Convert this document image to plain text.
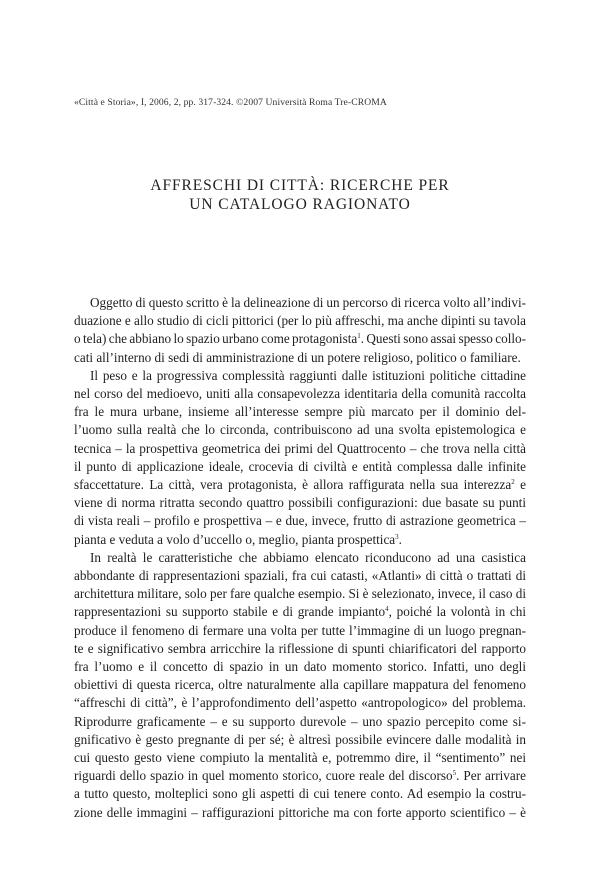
«Città e Storia», I, 2006, 2, pp. 317-324. ©2007 Università Roma Tre-CROMA
AFFRESCHI DI CITTÀ: RICERCHE PER
UN CATALOGO RAGIONATO

Oggetto di questo scritto è la delineazione di un percorso di ricerca volto all’indivi-
duazione e allo studio di cicli pittorici (per lo più affreschi, ma anche dipinti su tavola
o tela) che abbiano lo spazio urbano come protagonista$^1$. Questi sono assai spesso collo-
cati all’interno di sedi di amministrazione di un potere religioso, politico o familiare.

Il peso e la progressiva complessità raggiunti dalle istituzioni politiche cittadine
nel corso del medioevo, uniti alla consapevolezza identitaria della comunità raccolta
fra le mura urbane, insieme all’interesse sempre più marcato per il dominio del-
l’uomo sulla realtà che lo circonda, contribuiscono ad una svolta epistemologica e
tecnica – la prospettiva geometrica dei primi del Quattrocento – che trova nella città
il punto di applicazione ideale, crocevia di civiltà e entità complessa dalle infinite
sfaccettature. La città, vera protagonista, è allora raffigurata nella sua interezza$^2$ e
viene di norma ritratta secondo quattro possibili configurazioni: due basate su punti
di vista reali – profilo e prospettiva – e due, invece, frutto di astrazione geometrica –
pianta e veduta a volo d’uccello o, meglio, pianta prospettica$^3$.

In realtà le caratteristiche che abbiamo elencato riconducono ad una casistica
abbondante di rappresentazioni spaziali, fra cui catasti, «Atlanti» di città o trattati di
architettura militare, solo per fare qualche esempio. Si è selezionato, invece, il caso di
rappresentazioni su supporto stabile e di grande impianto$^4$, poiché la volontà in chi
produce il fenomeno di fermare una volta per tutte l’immagine di un luogo pregnan-
te e significativo sembra arricchire la riflessione di spunti chiarificatori del rapporto
fra l’uomo e il concetto di spazio in un dato momento storico. Infatti, uno degli
obiettivi di questa ricerca, oltre naturalmente alla capillare mappatura del fenomeno
“affreschi di città”, è l’approfondimento dell’aspetto «antropologico» del problema.
Riprodurre graficamente – e su supporto durevole – uno spazio percepito come si-
gnificativo è gesto pregnante di per sé; è altresì possibile evincere dalle modalità in
cui questo gesto viene compiuto la mentalità e, potremmo dire, il “sentimento” nei
riguardi dello spazio in quel momento storico, cuore reale del discorso$^5$. Per arrivare
a tutto questo, molteplici sono gli aspetti di cui tenere conto. Ad esempio la costru-
zione delle immagini – raffigurazioni pittoriche ma con forte apporto scientifico – è
